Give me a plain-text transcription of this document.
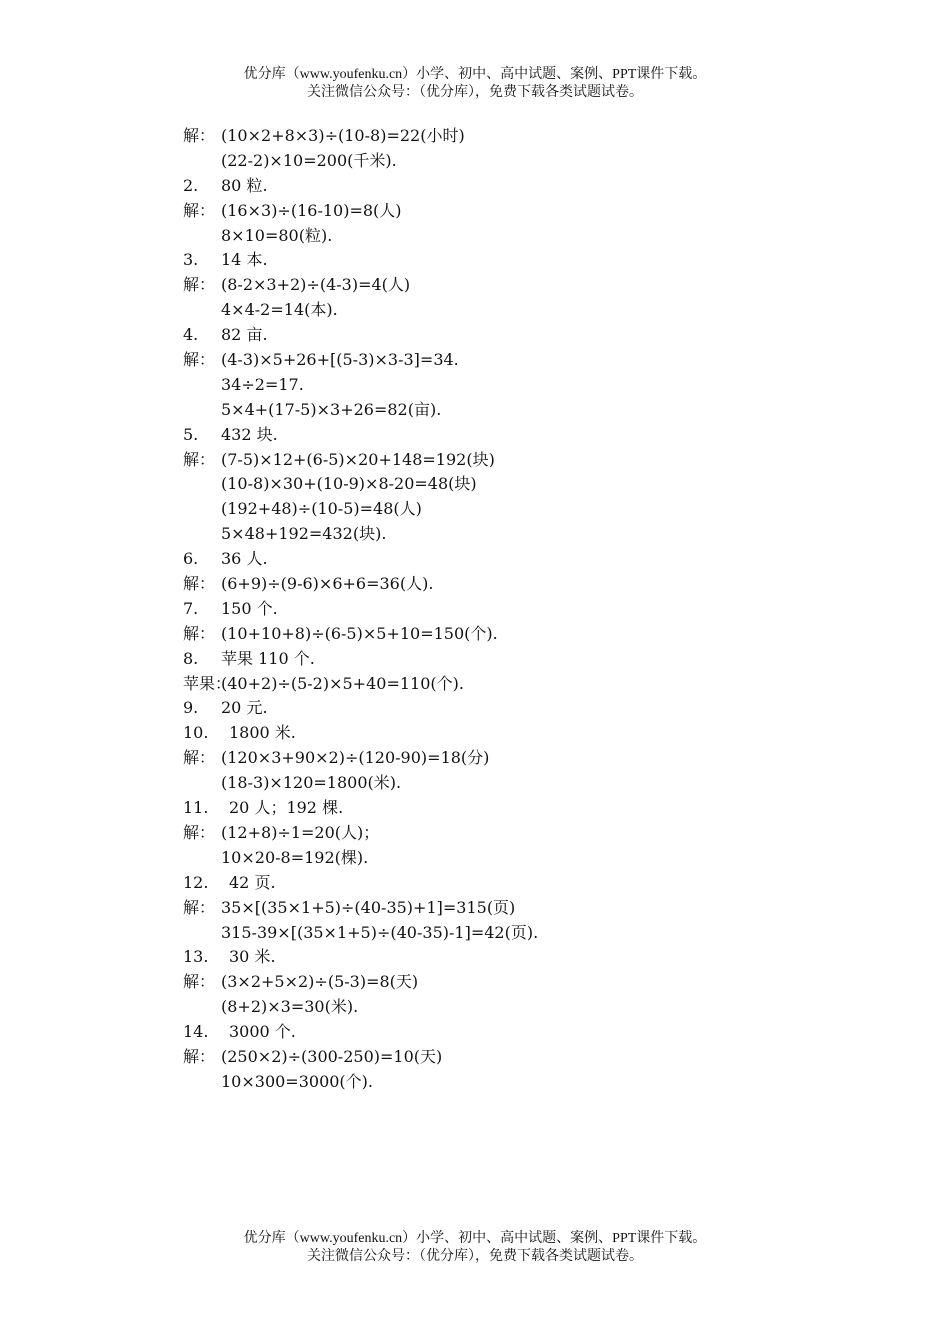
优分库（www.youfenku.cn）小学、初中、高中试题、案例、PPT课件下载。
关注微信公众号：（优分库），免费下载各类试题试卷。
解： (10×2+8×3)÷(10-8)=22(小时)
(22-2)×10=200(千米).
2. 80 粒.
解： (16×3)÷(16-10)=8(人)
8×10=80(粒).
3. 14 本.
解： (8-2×3+2)÷(4-3)=4(人)
4×4-2=14(本).
4. 82 亩.
解： (4-3)×5+26+[(5-3)×3-3]=34.
34÷2=17.
5×4+(17-5)×3+26=82(亩).
5. 432 块.
解： (7-5)×12+(6-5)×20+148=192(块)
(10-8)×30+(10-9)×8-20=48(块)
(192+48)÷(10-5)=48(人)
5×48+192=432(块).
6. 36 人.
解： (6+9)÷(9-6)×6+6=36(人).
7. 150 个.
解： (10+10+8)÷(6-5)×5+10=150(个).
8. 苹果 110 个.
苹果：
(40+2)÷(5-2)×5+40=110(个).
9. 20 元.
10. 1800 米.
解： (120×3+90×2)÷(120-90)=18(分)
(18-3)×120=1800(米).
11. 20 人；192 棵.
解： (12+8)÷1=20(人)；
10×20-8=192(棵).
12. 42 页.
解： 35×[(35×1+5)÷(40-35)+1]=315(页)
315-39×[(35×1+5)÷(40-35)-1]=42(页).
13. 30 米.
解： (3×2+5×2)÷(5-3)=8(天)
(8+2)×3=30(米).
14. 3000 个.
解： (250×2)÷(300-250)=10(天)
10×300=3000(个).
优分库（www.youfenku.cn）小学、初中、高中试题、案例、PPT课件下载。
关注微信公众号：（优分库），免费下载各类试题试卷。
